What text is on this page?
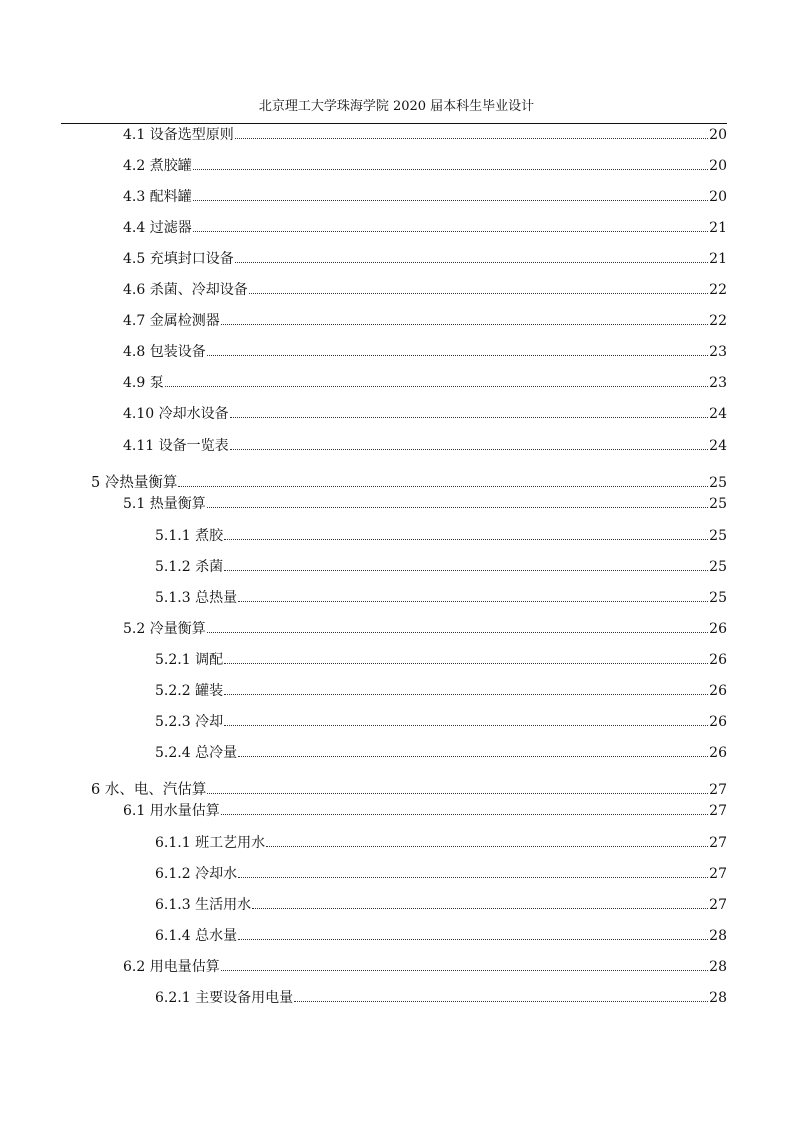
北京理工大学珠海学院 2020 届本科生毕业设计
4.1 设备选型原则	20
4.2 煮胶罐	20
4.3 配料罐	20
4.4 过滤器	21
4.5 充填封口设备	21
4.6 杀菌、冷却设备	22
4.7 金属检测器	22
4.8 包装设备	23
4.9 泵	23
4.10 冷却水设备	24
4.11 设备一览表	24
5 冷热量衡算	25
5.1 热量衡算	25
5.1.1 煮胶	25
5.1.2 杀菌	25
5.1.3 总热量	25
5.2 冷量衡算	26
5.2.1 调配	26
5.2.2 罐装	26
5.2.3 冷却	26
5.2.4 总冷量	26
6 水、电、汽估算	27
6.1 用水量估算	27
6.1.1 班工艺用水	27
6.1.2 冷却水	27
6.1.3 生活用水	27
6.1.4 总水量	28
6.2 用电量估算	28
6.2.1 主要设备用电量	28
